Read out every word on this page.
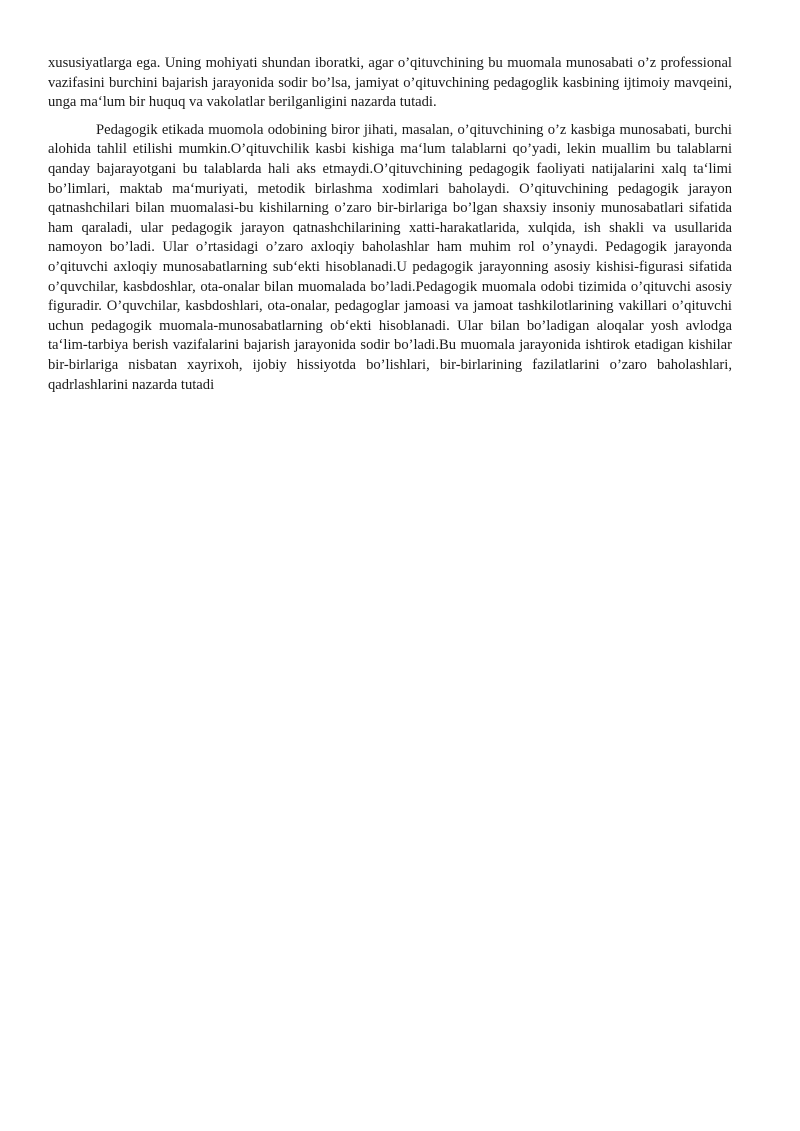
xususiyatlarga ega. Uning mohiyati shundan iboratki, agar o’qituvchining bu muomala munosabati o’z professional vazifasini burchini bajarish jarayonida sodir bo’lsa, jamiyat o’qituvchining pedagoglik kasbining ijtimoiy mavqeini, unga ma‘lum bir huquq va vakolatlar berilganligini nazarda tutadi.

Pedagogik etikada muomola odobining biror jihati, masalan, o’qituvchining o’z kasbiga munosabati, burchi alohida tahlil etilishi mumkin.O’qituvchilik kasbi kishiga ma‘lum talablarni qo’yadi, lekin muallim bu talablarni qanday bajarayotgani bu talablarda hali aks etmaydi.O’qituvchining pedagogik faoliyati natijalarini xalq ta‘limi bo’limlari, maktab ma‘muriyati, metodik birlashma xodimlari baholaydi. O’qituvchining pedagogik jarayon qatnashchilari bilan muomalasi-bu kishilarning o’zaro bir-birlariga bo’lgan shaxsiy insoniy munosabatlari sifatida ham qaraladi, ular pedagogik jarayon qatnashchilarining xatti-harakatlarida, xulqida, ish shakli va usullarida namoyon bo’ladi. Ular o’rtasidagi o’zaro axloqiy baholashlar ham muhim rol o’ynaydi. Pedagogik jarayonda o’qituvchi axloqiy munosabatlarning sub‘ekti hisoblanadi.U pedagogik jarayonning asosiy kishisi-figurasi sifatida o’quvchilar, kasbdoshlar, ota-onalar bilan muomalada bo’ladi.Pedagogik muomala odobi tizimida o’qituvchi asosiy figuradir. O’quvchilar, kasbdoshlari, ota-onalar, pedagoglar jamoasi va jamoat tashkilotlarining vakillari o’qituvchi uchun pedagogik muomala-munosabatlarning ob‘ekti hisoblanadi. Ular bilan bo’ladigan aloqalar yosh avlodga ta‘lim-tarbiya berish vazifalarini bajarish jarayonida sodir bo’ladi.Bu muomala jarayonida ishtirok etadigan kishilar bir-birlariga nisbatan xayrixoh, ijobiy hissiyotda bo’lishlari, bir-birlarining fazilatlarini o’zaro baholashlari, qadrlashlarini nazarda tutadi
